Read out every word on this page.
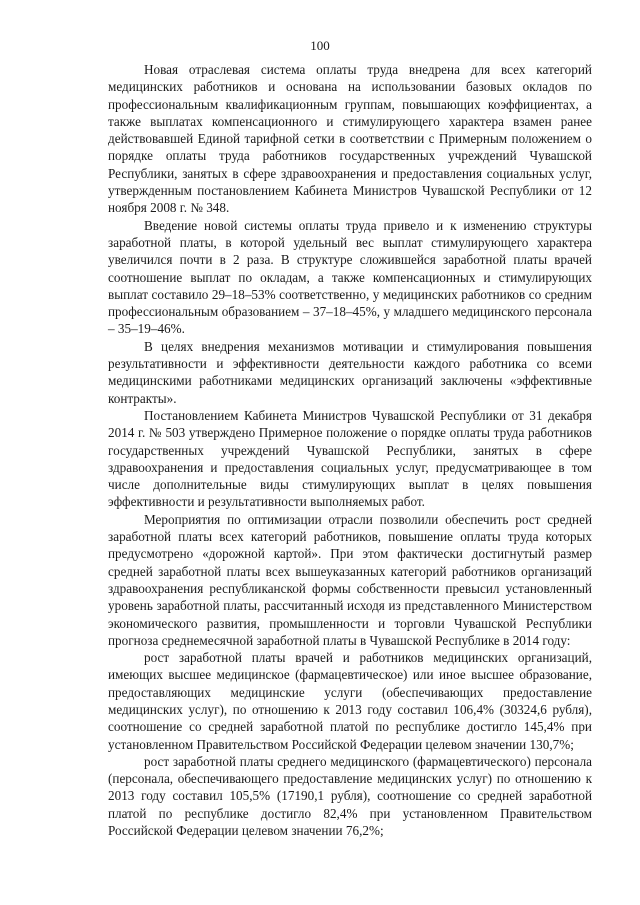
100

Новая отраслевая система оплаты труда внедрена для всех категорий медицинских работников и основана на использовании базовых окладов по профессиональным квалификационным группам, повышающих коэффициентах, а также выплатах компенсационного и стимулирующего характера взамен ранее действовавшей Единой тарифной сетки в соответствии с Примерным положением о порядке оплаты труда работников государственных учреждений Чувашской Республики, занятых в сфере здравоохранения и предоставления социальных услуг, утвержденным постановлением Кабинета Министров Чувашской Республики от 12 ноября 2008 г. № 348.

Введение новой системы оплаты труда привело и к изменению структуры заработной платы, в которой удельный вес выплат стимулирующего характера увеличился почти в 2 раза. В структуре сложившейся заработной платы врачей соотношение выплат по окладам, а также компенсационных и стимулирующих выплат составило 29–18–53% соответственно, у медицинских работников со средним профессиональным образованием – 37–18–45%, у младшего медицинского персонала – 35–19–46%.

В целях внедрения механизмов мотивации и стимулирования повышения результативности и эффективности деятельности каждого работника со всеми медицинскими работниками медицинских организаций заключены «эффективные контракты».

Постановлением Кабинета Министров Чувашской Республики от 31 декабря 2014 г. № 503 утверждено Примерное положение о порядке оплаты труда работников государственных учреждений Чувашской Республики, занятых в сфере здравоохранения и предоставления социальных услуг, предусматривающее в том числе дополнительные виды стимулирующих выплат в целях повышения эффективности и результативности выполняемых работ.

Мероприятия по оптимизации отрасли позволили обеспечить рост средней заработной платы всех категорий работников, повышение оплаты труда которых предусмотрено «дорожной картой». При этом фактически достигнутый размер средней заработной платы всех вышеуказанных категорий работников организаций здравоохранения республиканской формы собственности превысил установленный уровень заработной платы, рассчитанный исходя из представленного Министерством экономического развития, промышленности и торговли Чувашской Республики прогноза среднемесячной заработной платы в Чувашской Республике в 2014 году:

рост заработной платы врачей и работников медицинских организаций, имеющих высшее медицинское (фармацевтическое) или иное высшее образование, предоставляющих медицинские услуги (обеспечивающих предоставление медицинских услуг), по отношению к 2013 году составил 106,4% (30324,6 рубля), соотношение со средней заработной платой по республике достигло 145,4% при установленном Правительством Российской Федерации целевом значении 130,7%;

рост заработной платы среднего медицинского (фармацевтического) персонала (персонала, обеспечивающего предоставление медицинских услуг) по отношению к 2013 году составил 105,5% (17190,1 рубля), соотношение со средней заработной платой по республике достигло 82,4% при установленном Правительством Российской Федерации целевом значении 76,2%;
